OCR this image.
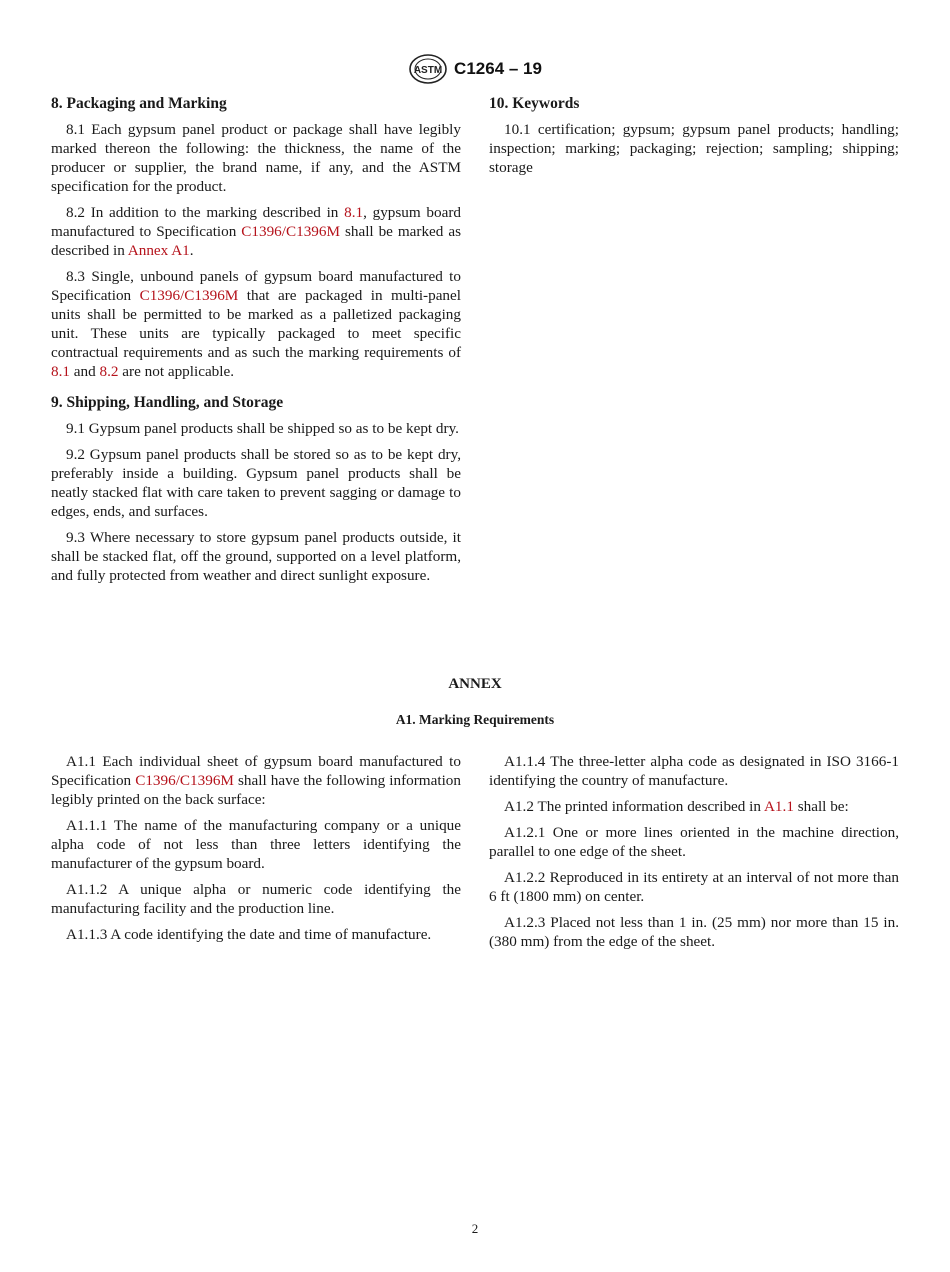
ASTM C1264 – 19
8. Packaging and Marking

8.1 Each gypsum panel product or package shall have legibly marked thereon the following: the thickness, the name of the producer or supplier, the brand name, if any, and the ASTM specification for the product.

8.2 In addition to the marking described in 8.1, gypsum board manufactured to Specification C1396/C1396M shall be marked as described in Annex A1.

8.3 Single, unbound panels of gypsum board manufactured to Specification C1396/C1396M that are packaged in multi-panel units shall be permitted to be marked as a palletized packaging unit. These units are typically packaged to meet specific contractual requirements and as such the marking requirements of 8.1 and 8.2 are not applicable.

9. Shipping, Handling, and Storage

9.1 Gypsum panel products shall be shipped so as to be kept dry.

9.2 Gypsum panel products shall be stored so as to be kept dry, preferably inside a building. Gypsum panel products shall be neatly stacked flat with care taken to prevent sagging or damage to edges, ends, and surfaces.

9.3 Where necessary to store gypsum panel products outside, it shall be stacked flat, off the ground, supported on a level platform, and fully protected from weather and direct sunlight exposure.

10. Keywords

10.1 certification; gypsum; gypsum panel products; handling; inspection; marking; packaging; rejection; sampling; shipping; storage

ANNEX
A1. Marking Requirements

A1.1 Each individual sheet of gypsum board manufactured to Specification C1396/C1396M shall have the following information legibly printed on the back surface:

A1.1.1 The name of the manufacturing company or a unique alpha code of not less than three letters identifying the manufacturer of the gypsum board.

A1.1.2 A unique alpha or numeric code identifying the manufacturing facility and the production line.

A1.1.3 A code identifying the date and time of manufacture.

A1.1.4 The three-letter alpha code as designated in ISO 3166-1 identifying the country of manufacture.

A1.2 The printed information described in A1.1 shall be:

A1.2.1 One or more lines oriented in the machine direction, parallel to one edge of the sheet.

A1.2.2 Reproduced in its entirety at an interval of not more than 6 ft (1800 mm) on center.

A1.2.3 Placed not less than 1 in. (25 mm) nor more than 15 in. (380 mm) from the edge of the sheet.

2
